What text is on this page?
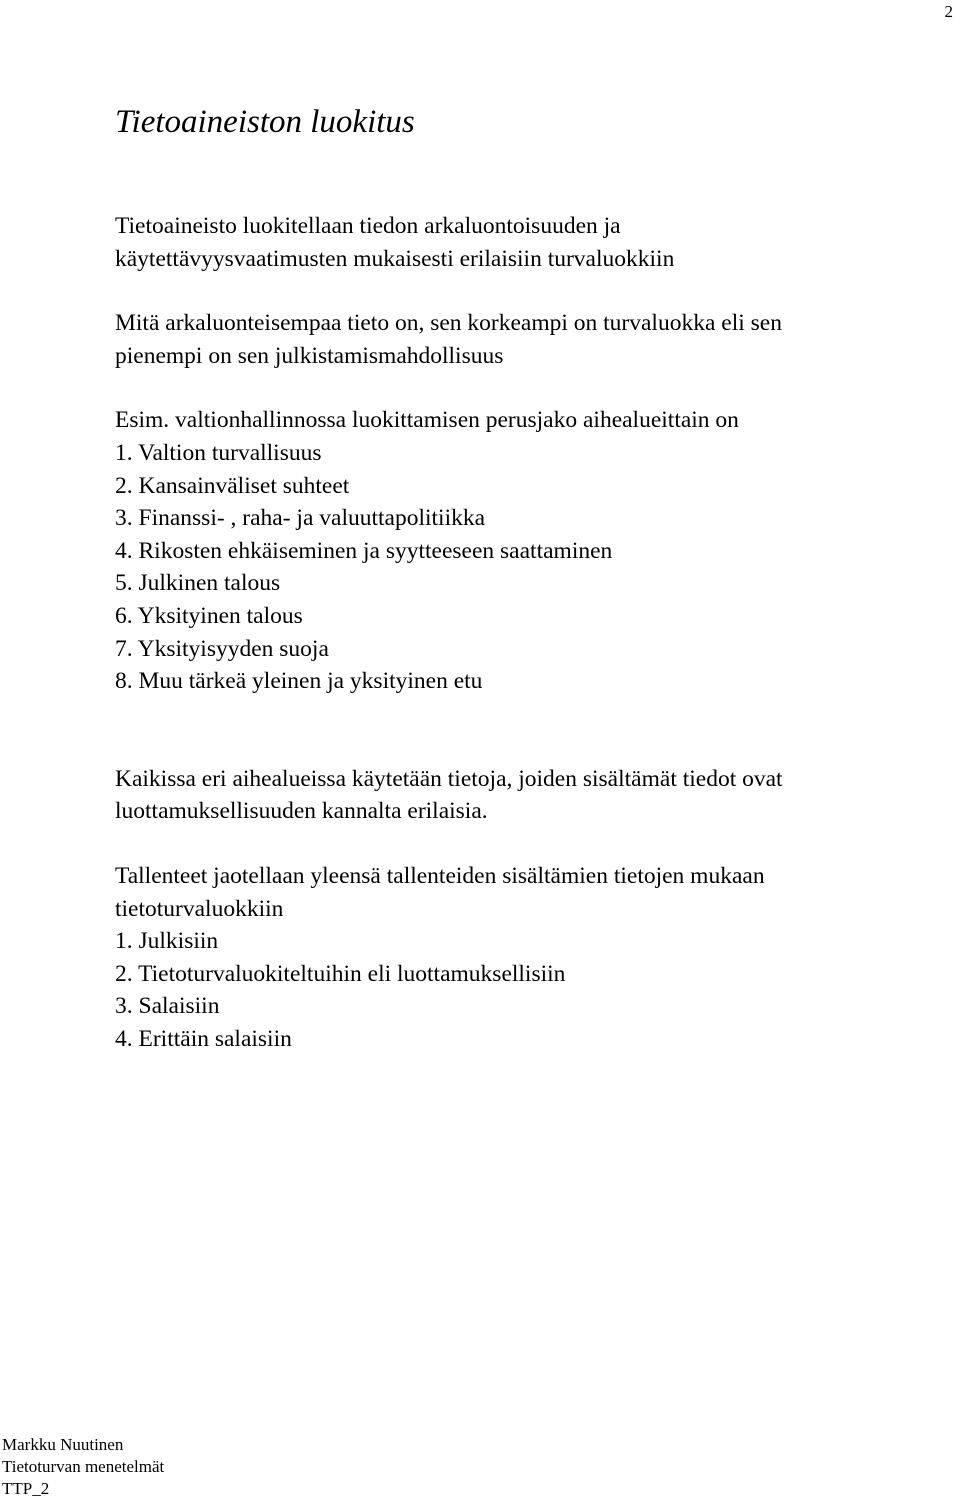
2
Tietoaineiston luokitus

Tietoaineisto luokitellaan tiedon arkaluontoisuuden ja
käytettävyysvaatimusten mukaisesti erilaisiin turvaluokkiin

Mitä arkaluonteisempaa tieto on, sen korkeampi on turvaluokka eli sen
pienempi on sen julkistamismahdollisuus

Esim. valtionhallinnossa luokittamisen perusjako aihealueittain on
1. Valtion turvallisuus
2. Kansainväliset suhteet
3. Finanssi- , raha- ja valuuttapolitiikka
4. Rikosten ehkäiseminen ja syytteeseen saattaminen
5. Julkinen talous
6. Yksityinen talous
7. Yksityisyyden suoja
8. Muu tärkeä yleinen ja yksityinen etu

Kaikissa eri aihealueissa käytetään tietoja, joiden sisältämät tiedot ovat
luottamuksellisuuden kannalta erilaisia.

Tallenteet jaotellaan yleensä tallenteiden sisältämien tietojen mukaan
tietoturvaluokkiin
1. Julkisiin
2. Tietoturvaluokiteltuihin eli luottamuksellisiin
3. Salaisiin
4. Erittäin salaisiin

Markku Nuutinen
Tietoturvan menetelmät
TTP_2
